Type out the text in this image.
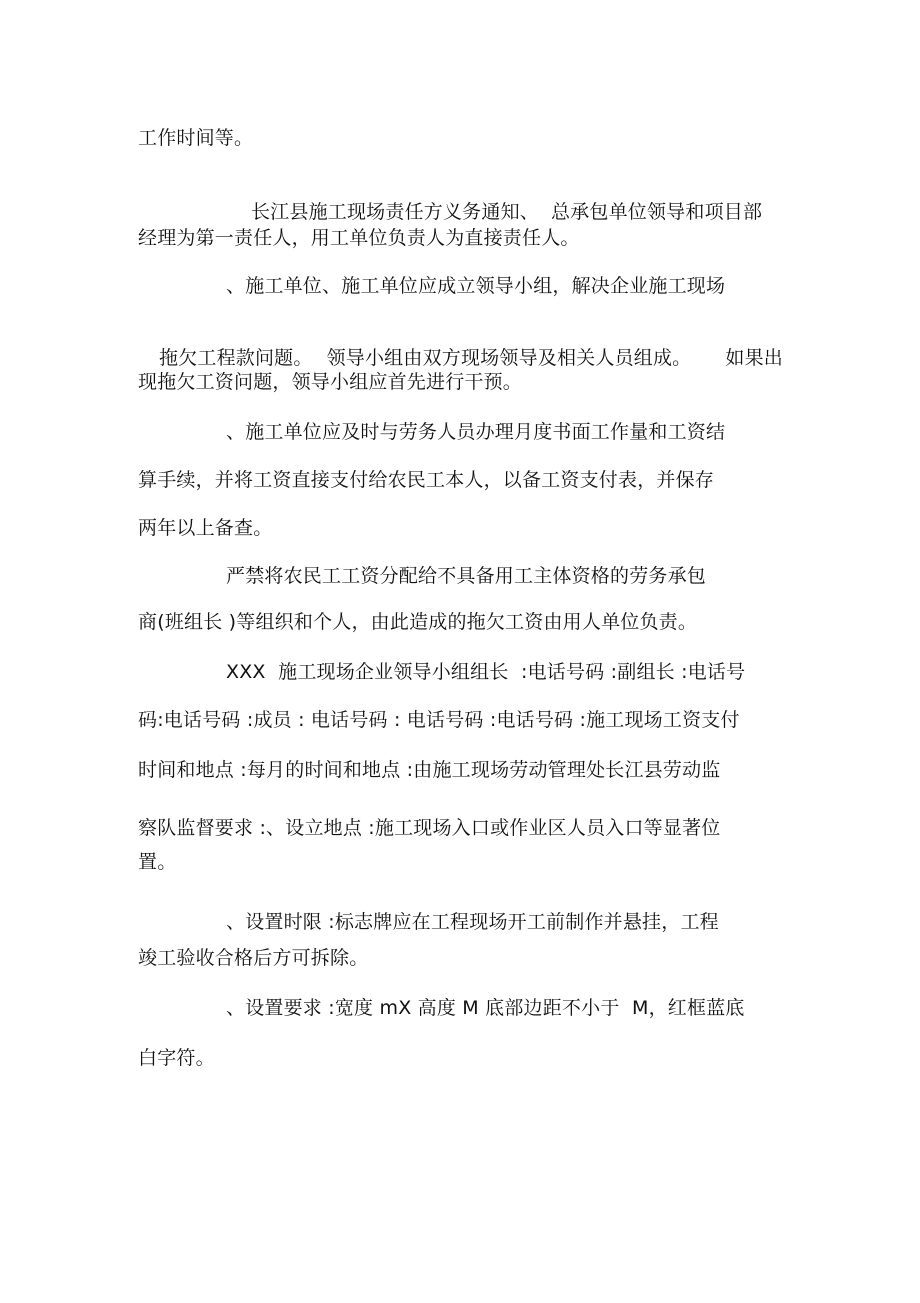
工作时间等。

长江县施工现场责任方义务通知、 总承包单位领导和项目部

经理为第一责任人，用工单位负责人为直接责任人。
、施工单位、施工单位应成立领导小组，解决企业施工现场

拖欠工程款问题。 领导小组由双方现场领导及相关人员组成。 如果出

现拖欠工资问题，领导小组应首先进行干预。
、施工单位应及时与劳务人员办理月度书面工作量和工资结
算手续，并将工资直接支付给农民工本人，以备工资支付表，并保存
两年以上备查。
严禁将农民工工资分配给不具备用工主体资格的劳务承包
商(班组长 )等组织和个人，由此造成的拖欠工资由用人单位负责。
XXX  施工现场企业领导小组组长  :电话号码 :副组长 :电话号
码:电话号码 :成员 : 电话号码 : 电话号码 :电话号码 :施工现场工资支付
时间和地点 :每月的时间和地点 :由施工现场劳动管理处长江县劳动监
察队监督要求 :、设立地点 :施工现场入口或作业区人员入口等显著位
置。
、设置时限 :标志牌应在工程现场开工前制作并悬挂，工程
竣工验收合格后方可拆除。
、设置要求 :宽度 mX 高度 M 底部边距不小于  M，红框蓝底
白字符。
